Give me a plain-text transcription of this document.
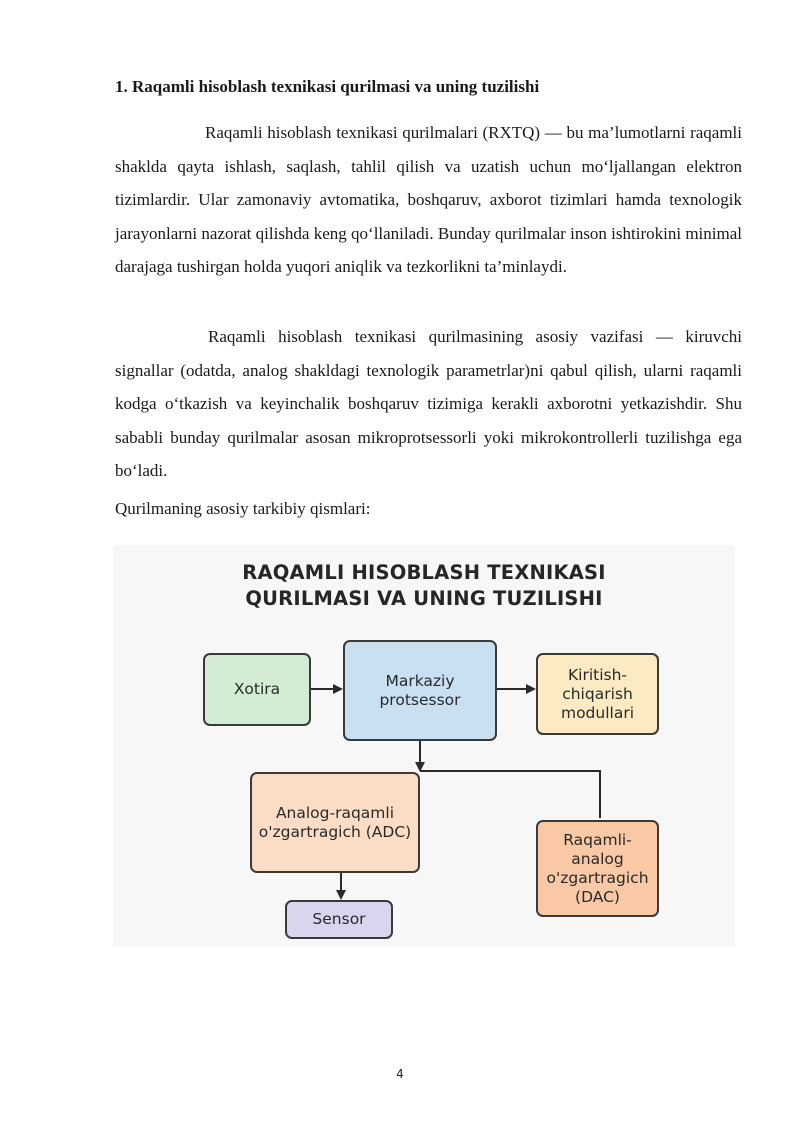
1. Raqamli hisoblash texnikasi qurilmasi va uning tuzilishi

Raqamli hisoblash texnikasi qurilmalari (RXTQ) — bu ma’lumotlarni raqamli shaklda qayta ishlash, saqlash, tahlil qilish va uzatish uchun mo‘ljallangan elektron tizimlardir. Ular zamonaviy avtomatika, boshqaruv, axborot tizimlari hamda texnologik jarayonlarni nazorat qilishda keng qo‘llaniladi. Bunday qurilmalar inson ishtirokini minimal darajaga tushirgan holda yuqori aniqlik va tezkorlikni ta’minlaydi.

Raqamli hisoblash texnikasi qurilmasining asosiy vazifasi — kiruvchi signallar (odatda, analog shakldagi texnologik parametrlar)ni qabul qilish, ularni raqamli kodga o‘tkazish va keyinchalik boshqaruv tizimiga kerakli axborotni yetkazishdir. Shu sababli bunday qurilmalar asosan mikroprotsessorli yoki mikrokontrollerli tuzilishga ega bo‘ladi.

Qurilmaning asosiy tarkibiy qismlari:

RAQAMLI HISOBLASH TEXNIKASI
QURILMASI VA UNING TUZILISHI
Xotira	Markaziy protsessor
Kiritish-chiqarish modullari
Analog-raqamli o'zgartragich (ADC)	Raqamli-analog o'zgartragich (DAC)
Sensor
4
